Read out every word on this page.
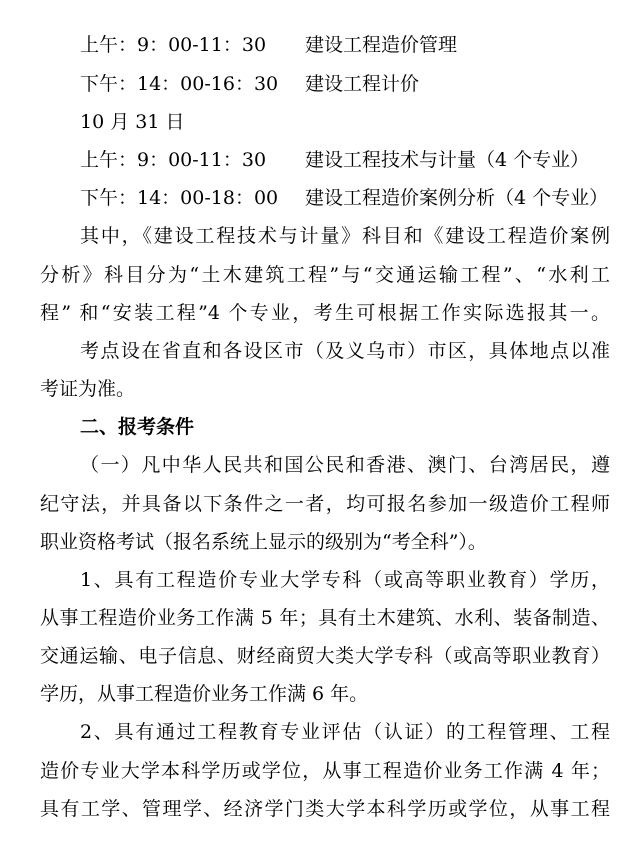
上午：9：00-11：30 建设工程造价管理
下午：14：00-16：30 建设工程计价
10 月 31 日
上午：9：00-11：30 建设工程技术与计量（4 个专业）
下午：14：00-18：00 建设工程造价案例分析（4 个专业）
其中，《建设工程技术与计量》科目和《建设工程造价案例
分析》科目分为“土木建筑工程”与“交通运输工程”、“水利工
程” 和“安装工程”4 个专业，考生可根据工作实际选报其一。
考点设在省直和各设区市（及义乌市）市区，具体地点以准
考证为准。
二、报考条件
（一）凡中华人民共和国公民和香港、澳门、台湾居民，遵
纪守法，并具备以下条件之一者，均可报名参加一级造价工程师
职业资格考试（报名系统上显示的级别为“考全科”）。
1、具有工程造价专业大学专科（或高等职业教育）学历，
从事工程造价业务工作满 5 年；具有土木建筑、水利、装备制造、
交通运输、电子信息、财经商贸大类大学专科（或高等职业教育）
学历，从事工程造价业务工作满 6 年。
2、具有通过工程教育专业评估（认证）的工程管理、工程
造价专业大学本科学历或学位，从事工程造价业务工作满 4 年；
具有工学、管理学、经济学门类大学本科学历或学位，从事工程
